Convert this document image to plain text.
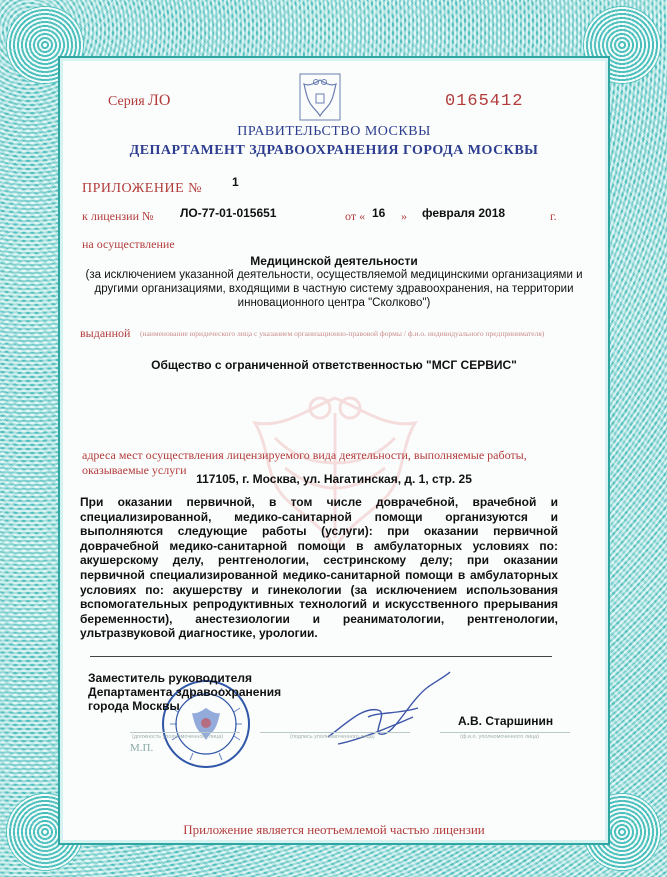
Серия ЛО	0165412
ПРАВИТЕЛЬСТВО МОСКВЫ
ДЕПАРТАМЕНТ ЗДРАВООХРАНЕНИЯ ГОРОДА МОСКВЫ
ПРИЛОЖЕНИЕ №	1
к лицензии № ЛО-77-01-015651	от « 16 » февраля 2018	г.
на осуществление
Медицинской деятельности
(за исключением указанной деятельности, осуществляемой медицинскими организациями и другими организациями, входящими в частную систему здравоохранения, на территории инновационного центра "Сколково")
выданной (наименование юридического лица с указанием организационно-правовой формы / ф.и.о. индивидуального предпринимателя)
Общество с ограниченной ответственностью "МСГ СЕРВИС"
адреса мест осуществления лицензируемого вида деятельности, выполняемые работы, оказываемые услуги
117105, г. Москва, ул. Нагатинская, д. 1, стр. 25
При оказании первичной, в том числе доврачебной, врачебной и специализированной, медико-санитарной помощи организуются и выполняются следующие работы (услуги): при оказании первичной доврачебной медико-санитарной помощи в амбулаторных условиях по: акушерскому делу, рентгенологии, сестринскому делу; при оказании первичной специализированной медико-санитарной помощи в амбулаторных условиях по: акушерству и гинекологии (за исключением использования вспомогательных репродуктивных технологий и искусственного прерывания беременности), анестезиологии и реаниматологии, рентгенологии, ультразвуковой диагностике, урологии.
Заместитель руководителя Департамента здравоохранения города Москвы
А.В. Старшинин
(должность уполномоченного лица)	(подпись уполномоченного лица)	(ф.и.о. уполномоченного лица)
М.П.
Приложение является неотъемлемой частью лицензии
